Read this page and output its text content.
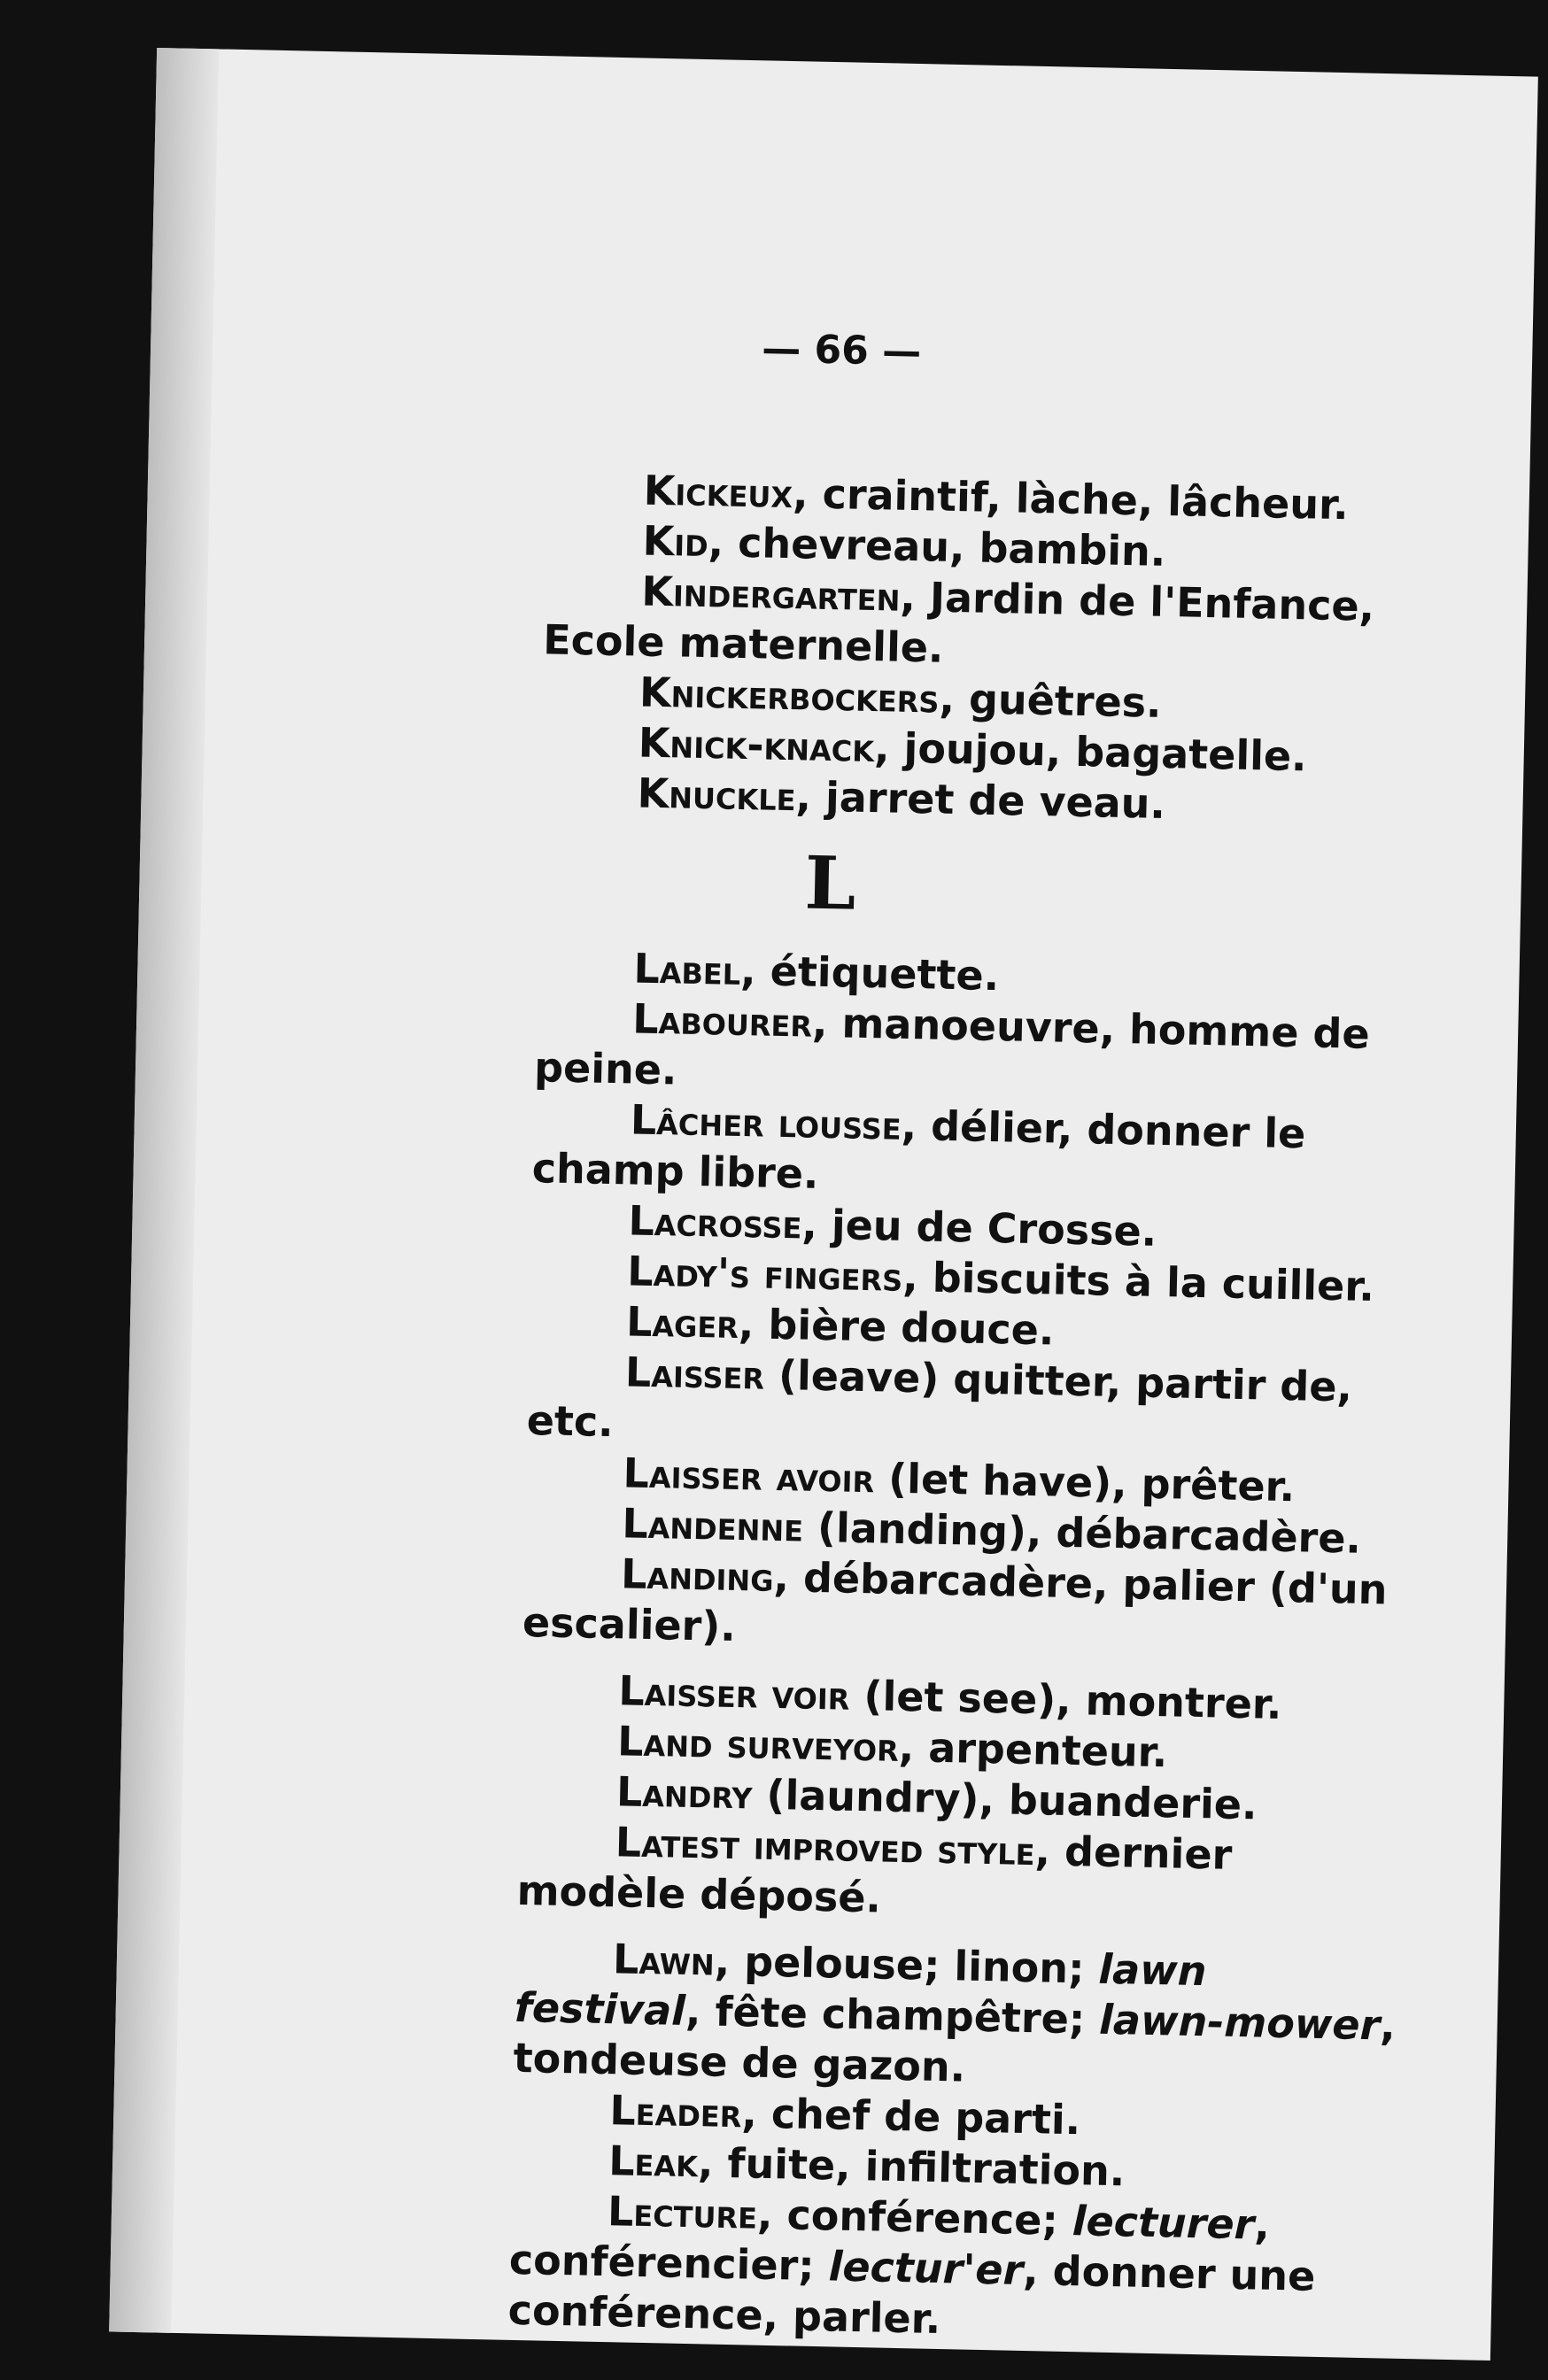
— 66 —

Kickeux, craintif, làche, lâcheur.

Kid, chevreau, bambin.

Kindergarten, Jardin de l'Enfance, Ecole maternelle.

Knickerbockers, guêtres.

Knick-knack, joujou, bagatelle.

Knuckle, jarret de veau.

L

Label, étiquette.

Labourer, manoeuvre, homme de peine.

Lâcher lousse, délier, donner le champ libre.

Lacrosse, jeu de Crosse.

Lady's fingers, biscuits à la cuiller.

Lager, bière douce.

Laisser (leave) quitter, partir de, etc.

Laisser avoir (let have), prêter.

Landenne (landing), débarcadère.

Landing, débarcadère, palier (d'un escalier).

Laisser voir (let see), montrer.

Land surveyor, arpenteur.

Landry (laundry), buanderie.

Latest improved style, dernier modèle déposé.

Lawn, pelouse; linon; lawn festival, fête champêtre; lawn-mower, tondeuse de gazon.

Leader, chef de parti.

Leak, fuite, infiltration.

Lecture, conférence; lecturer, conférencier; lectur'er, donner une conférence, parler.
